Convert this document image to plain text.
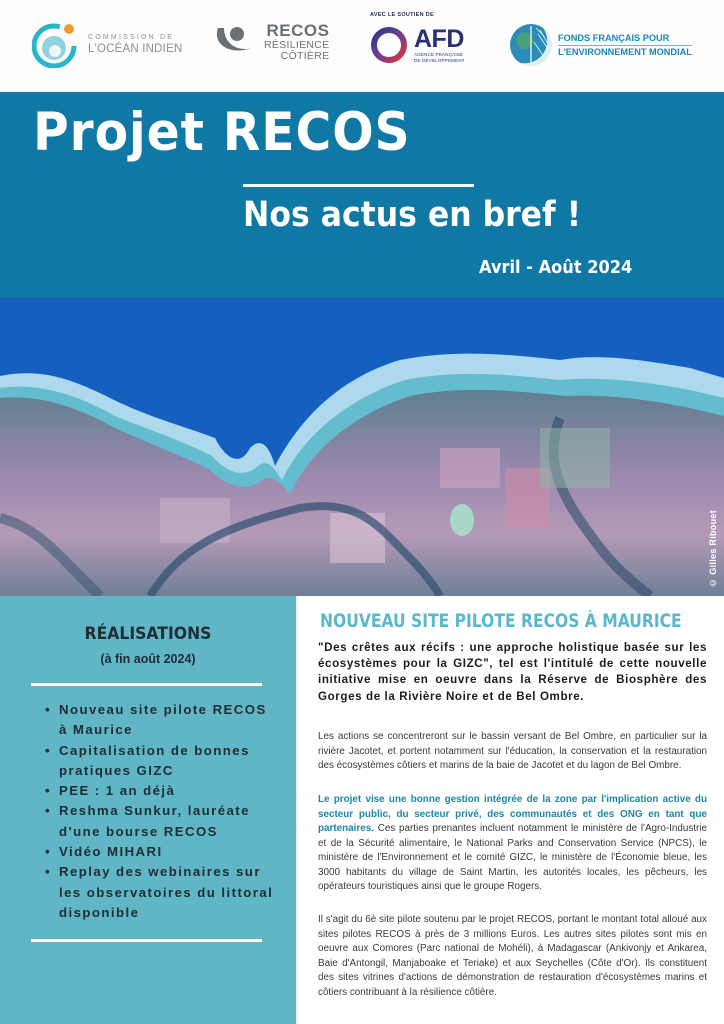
COMMISSION DE
L'OCÉAN INDIEN
RECOS
RÉSILIENCE
CÔTIÈRE
AVEC LE SOUTIEN DE
AFD
AGENCE FRANÇAISE
DE DÉVELOPPEMENT
FONDS FRANÇAIS POUR
L'ENVIRONNEMENT MONDIAL
Projet RECOS
Nos actus en bref !
Avril - Août 2024
© Gilles Ribouet
RÉALISATIONS
(à fin août 2024)
• Nouveau site pilote RECOS à Maurice
• Capitalisation de bonnes pratiques GIZC
• PEE : 1 an déjà
• Reshma Sunkur, lauréate d'une bourse RECOS
• Vidéo MIHARI
• Replay des webinaires sur les observatoires du littoral disponible
NOUVEAU SITE PILOTE RECOS À MAURICE

"Des crêtes aux récifs : une approche holistique basée sur les écosystèmes pour la GIZC", tel est l'intitulé de cette nouvelle initiative mise en oeuvre dans la Réserve de Biosphère des Gorges de la Rivière Noire et de Bel Ombre.

Les actions se concentreront sur le bassin versant de Bel Ombre, en particulier sur la rivière Jacotet, et portent notamment sur l'éducation, la conservation et la restauration des écosystèmes côtiers et marins de la baie de Jacotet et du lagon de Bel Ombre.

Le projet vise une bonne gestion intégrée de la zone par l'implication active du secteur public, du secteur privé, des communautés et des ONG en tant que partenaires. Ces parties prenantes incluent notamment le ministère de l'Agro-Industrie et de la Sécurité alimentaire, le National Parks and Conservation Service (NPCS), le ministère de l'Environnement et le comité GIZC, le ministère de l'Économie bleue, les 3000 habitants du village de Saint Martin, les autorités locales, les pêcheurs, les opérateurs touristiques ainsi que le groupe Rogers.

Il s'agit du 6è site pilote soutenu par le projet RECOS, portant le montant total alloué aux sites pilotes RECOS à près de 3 millions Euros. Les autres sites pilotes sont mis en oeuvre aux Comores (Parc national de Mohéli), à Madagascar (Ankivonjy et Ankarea, Baie d'Antongil, Manjaboake et Teriake) et aux Seychelles (Côte d'Or). Ils constituent des sites vitrines d'actions de démonstration de restauration d'écosystèmes marins et côtiers contribuant à la résilience côtière.
